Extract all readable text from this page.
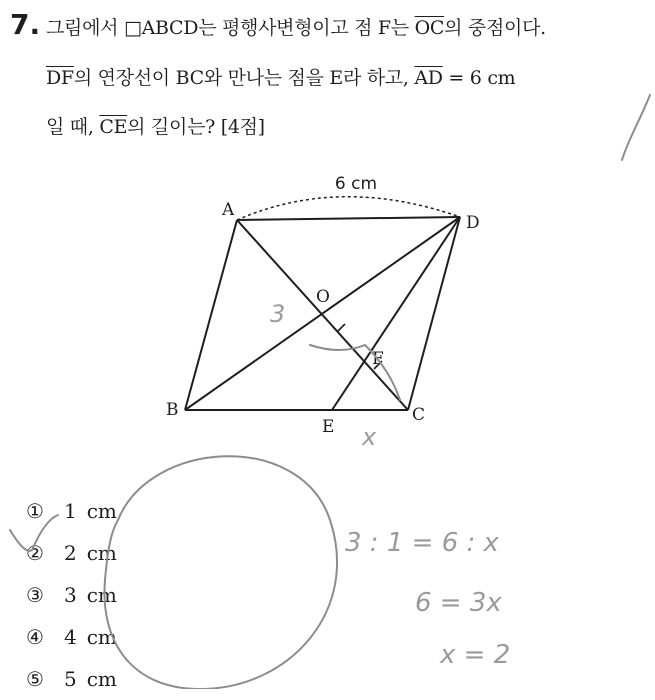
7. 그림에서 □ABCD는 평행사변형이고 점 F는 $\overline{OC}$의 중점이다.
$\overline{DF}$의 연장선이 BC와 만나는 점을 E라 하고, $\overline{AD} = 6$ cm
일 때, $\overline{CE}$의 길이는? [4점]
6 cm
A
D
B	C
O
F
E
①	1 cm
②	2 cm
③	3 cm
④	4 cm
⑤	5 cm
3
x
3 : 1 = 6 : x
6 = 3x
x = 2
